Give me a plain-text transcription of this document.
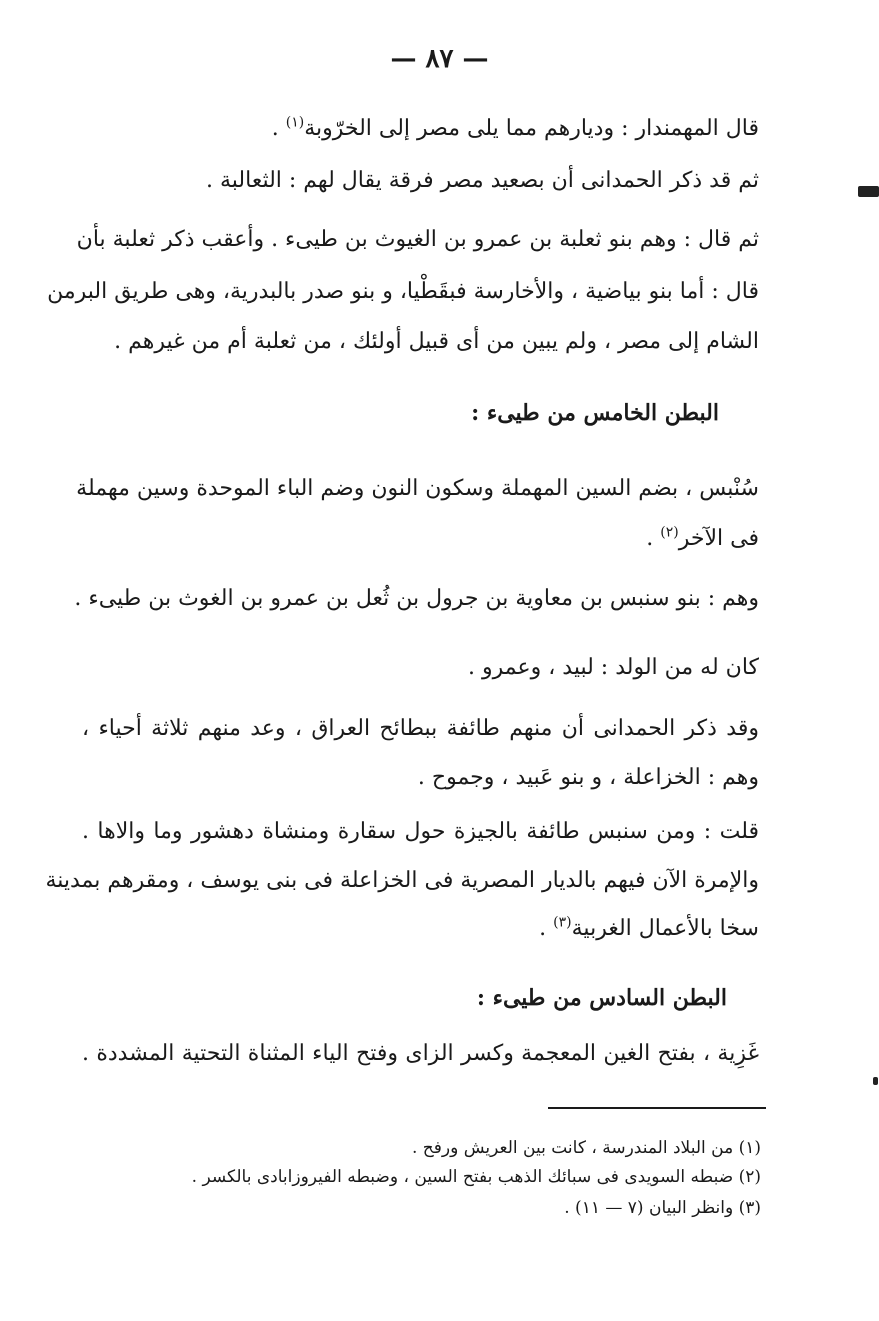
— ٨٧ —
قال المهمندار : وديارهم مما يلى مصر إلى الخرّوبة$^{(١)}$ .
ثم قد ذكر الحمدانى أن بصعيد مصر فرقة يقال لهم : الثعالبة .
ثم قال : وهم بنو ثعلبة بن عمرو بن الغيوث بن طيىء . وأعقب ذكر ثعلبة بأن
قال : أما بنو بياضية ، والأخارسة فبقَطْيا، و بنو صدر بالبدرية، وهى طريق البرمن
الشام إلى مصر ، ولم يبين من أى قبيل أولئك ، من ثعلبة أم من غيرهم .
البطن الخامس من طيىء :
سُنْبس ، بضم السين المهملة وسكون النون وضم الباء الموحدة وسين مهملة
فى الآخر$^{(٢)}$ .
وهم : بنو سنبس بن معاوية بن جرول بن ثُعل بن عمرو بن الغوث بن طيىء .
كان له من الولد : لبيد ، وعمرو .
وقد ذكر الحمدانى أن منهم طائفة ببطائح العراق ، وعد منهم ثلاثة أحياء ،
وهم : الخزاعلة ، و بنو عَبيد ، وجموح .
قلت : ومن سنبس طائفة بالجيزة حول سقارة ومنشاة دهشور وما والاها .
والإمرة الآن فيهم بالديار المصرية فى الخزاعلة فى بنى يوسف ، ومقرهم بمدينة
سخا بالأعمال الغربية$^{(٣)}$ .
البطن السادس من طيىء :
غَزِية ، بفتح الغين المعجمة وكسر الزاى وفتح الياء المثناة التحتية المشددة .
(١) من البلاد المندرسة ، كانت بين العريش ورفح .
(٢) ضبطه السويدى فى سبائك الذهب بفتح السين ، وضبطه الفيروزابادى بالكسر .
(٣) وانظر البيان (٧ — ١١) .
